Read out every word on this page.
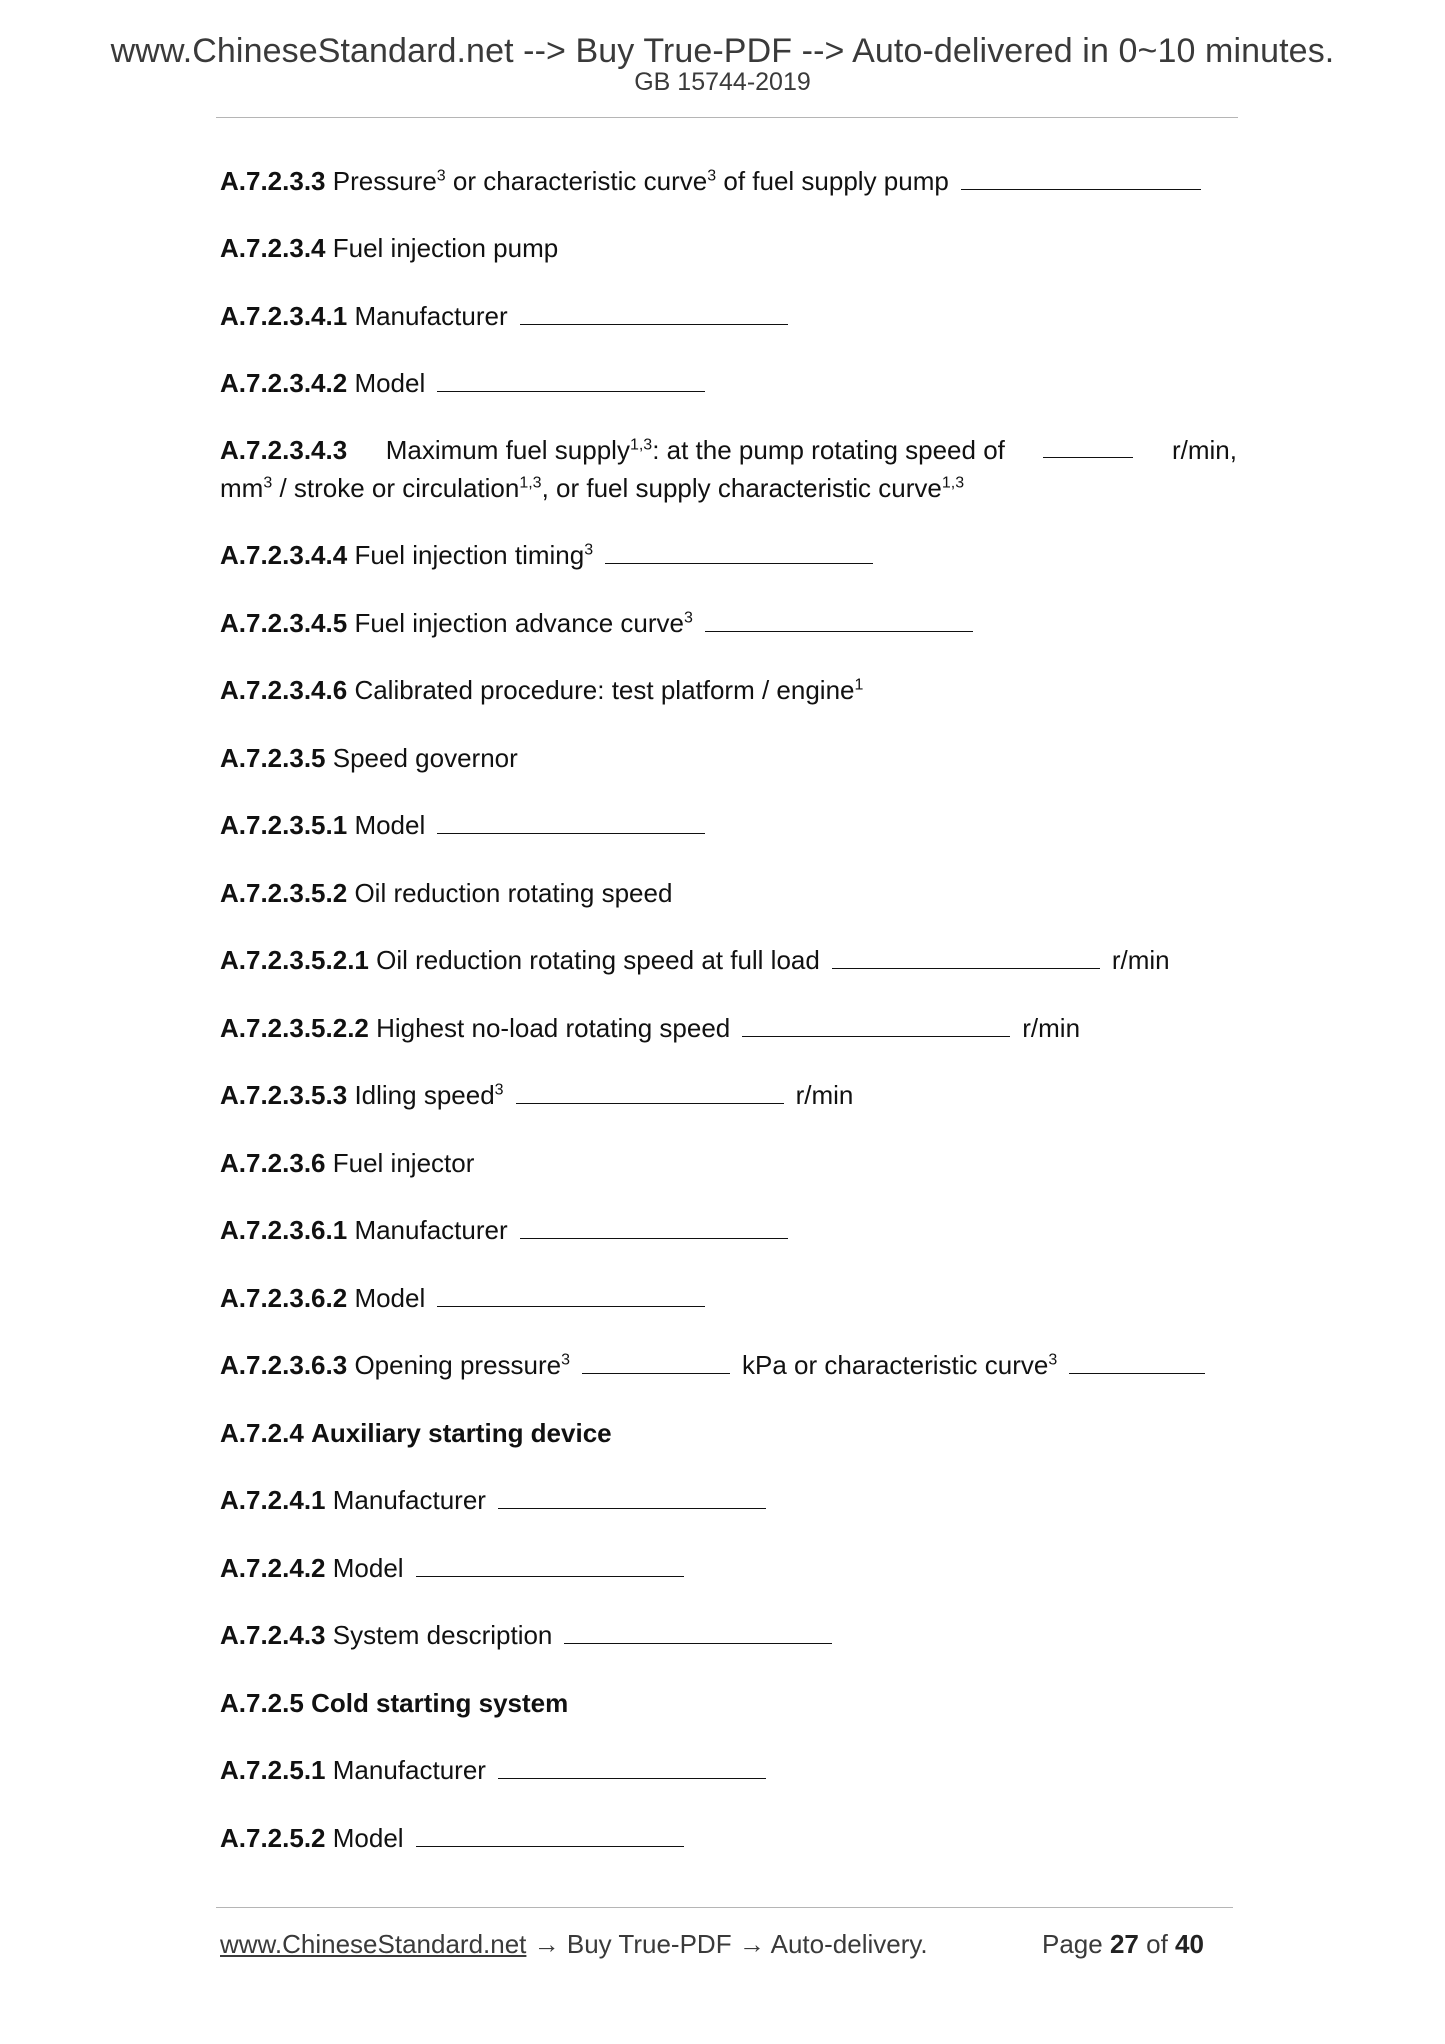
www.ChineseStandard.net --> Buy True-PDF --> Auto-delivered in 0~10 minutes.
GB 15744-2019
A.7.2.3.3 Pressure$^3$ or characteristic curve$^3$ of fuel supply pump
A.7.2.3.4 Fuel injection pump
A.7.2.3.4.1 Manufacturer
A.7.2.3.4.2 Model
A.7.2.3.4.3 Maximum fuel supply$^{1,3}$: at the pump rotating speed of	r/min,
$mm^3$ / stroke or circulation$^{1,3}$, or fuel supply characteristic curve$^{1,3}$
A.7.2.3.4.4 Fuel injection timing$^3$
A.7.2.3.4.5 Fuel injection advance curve$^3$
A.7.2.3.4.6 Calibrated procedure: test platform / engine$^1$
A.7.2.3.5 Speed governor
A.7.2.3.5.1 Model
A.7.2.3.5.2 Oil reduction rotating speed
A.7.2.3.5.2.1 Oil reduction rotating speed at full load	r/min
A.7.2.3.5.2.2 Highest no-load rotating speed	r/min
A.7.2.3.5.3 Idling speed$^3$	r/min
A.7.2.3.6 Fuel injector
A.7.2.3.6.1 Manufacturer
A.7.2.3.6.2 Model
A.7.2.3.6.3 Opening pressure$^3$	kPa or characteristic curve$^3$
A.7.2.4 Auxiliary starting device
A.7.2.4.1 Manufacturer
A.7.2.4.2 Model
A.7.2.4.3 System description
A.7.2.5 Cold starting system
A.7.2.5.1 Manufacturer
A.7.2.5.2 Model
www.ChineseStandard.net → Buy True-PDF → Auto-delivery.	Page 27 of 40
